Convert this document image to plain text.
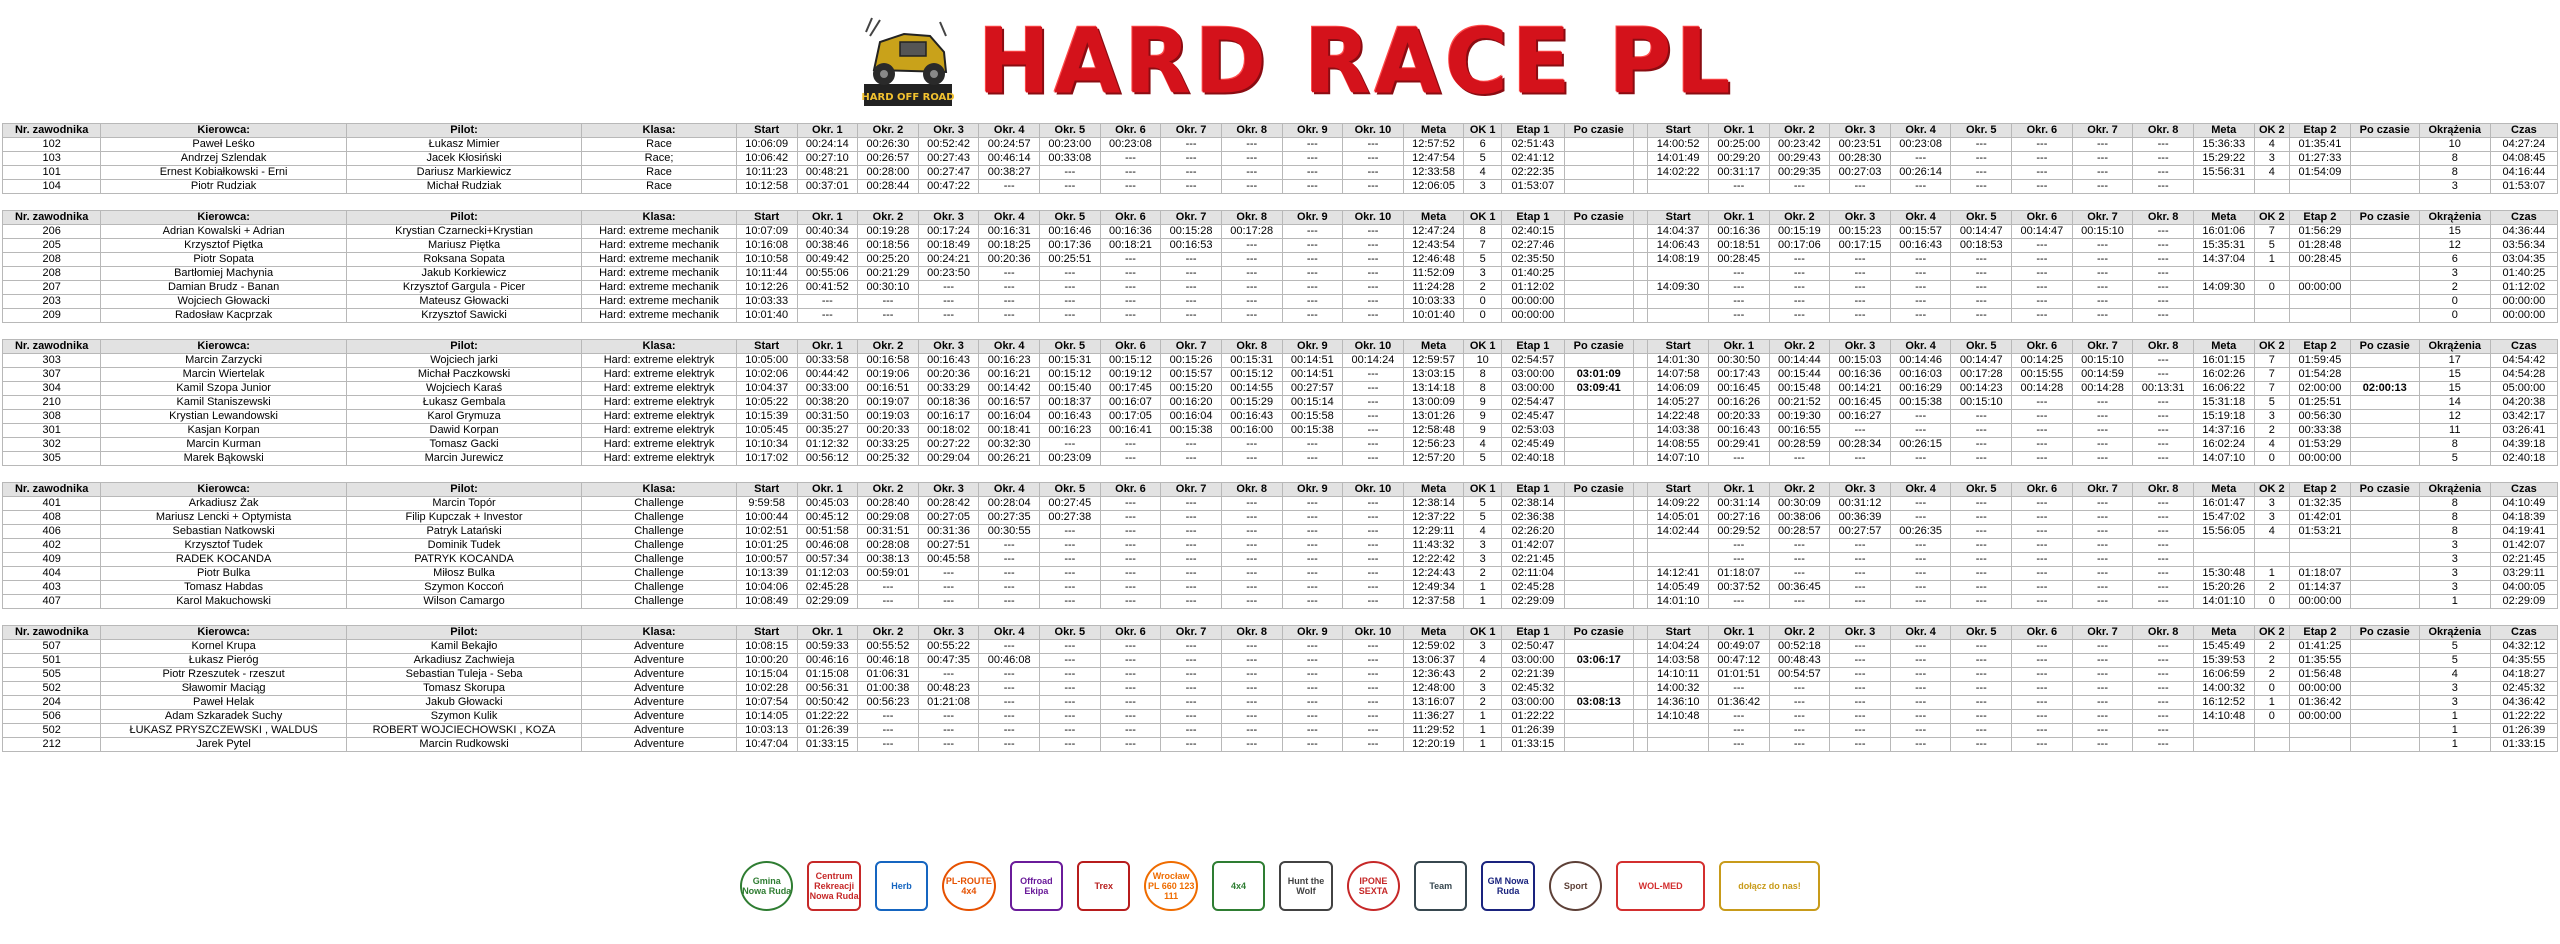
HARD OFF ROAD HARD RACE PL
Nr. zawodnika	Kierowca:	Pilot:	Klasa:	Start	Okr. 1	Okr. 2	Okr. 3	Okr. 4	Okr. 5	Okr. 6	Okr. 7	Okr. 8	Okr. 9	Okr. 10	Meta	OK 1	Etap 1	Po czasie		Start	Okr. 1	Okr. 2	Okr. 3	Okr. 4	Okr. 5	Okr. 6	Okr. 7	Okr. 8	Meta	OK 2	Etap 2	Po czasie	Okrążenia	Czas
102	Paweł Leśko	Łukasz Mimier	Race	10:06:09	00:24:14	00:26:30	00:52:42	00:24:57	00:23:00	00:23:08	---	---	---	---	12:57:52	6	02:51:43			14:00:52	00:25:00	00:23:42	00:23:51	00:23:08	---	---	---	---	15:36:33	4	01:35:41		10	04:27:24
103	Andrzej Szlendak	Jacek Kłosiński	Race;	10:06:42	00:27:10	00:26:57	00:27:43	00:46:14	00:33:08	---	---	---	---	---	12:47:54	5	02:41:12			14:01:49	00:29:20	00:29:43	00:28:30	---	---	---	---	---	15:29:22	3	01:27:33		8	04:08:45
101	Ernest Kobiałkowski - Erni	Dariusz Markiewicz	Race	10:11:23	00:48:21	00:28:00	00:27:47	00:38:27	---	---	---	---	---	---	12:33:58	4	02:22:35			14:02:22	00:31:17	00:29:35	00:27:03	00:26:14	---	---	---	---	15:56:31	4	01:54:09		8	04:16:44
104	Piotr Rudziak	Michał Rudziak	Race	10:12:58	00:37:01	00:28:44	00:47:22	---	---	---	---	---	---	---	12:06:05	3	01:53:07				---	---	---	---	---	---	---	---					3	01:53:07
Nr. zawodnika	Kierowca:	Pilot:	Klasa:	Start	Okr. 1	Okr. 2	Okr. 3	Okr. 4	Okr. 5	Okr. 6	Okr. 7	Okr. 8	Okr. 9	Okr. 10	Meta	OK 1	Etap 1	Po czasie		Start	Okr. 1	Okr. 2	Okr. 3	Okr. 4	Okr. 5	Okr. 6	Okr. 7	Okr. 8	Meta	OK 2	Etap 2	Po czasie	Okrążenia	Czas
206	Adrian Kowalski + Adrian	Krystian Czarnecki+Krystian	Hard: extreme mechanik	10:07:09	00:40:34	00:19:28	00:17:24	00:16:31	00:16:46	00:16:36	00:15:28	00:17:28	---	---	12:47:24	8	02:40:15			14:04:37	00:16:36	00:15:19	00:15:23	00:15:57	00:14:47	00:14:47	00:15:10	---	16:01:06	7	01:56:29		15	04:36:44
205	Krzysztof Piętka	Mariusz Piętka	Hard: extreme mechanik	10:16:08	00:38:46	00:18:56	00:18:49	00:18:25	00:17:36	00:18:21	00:16:53	---	---	---	12:43:54	7	02:27:46			14:06:43	00:18:51	00:17:06	00:17:15	00:16:43	00:18:53	---	---	---	15:35:31	5	01:28:48		12	03:56:34
208	Piotr Sopata	Roksana Sopata	Hard: extreme mechanik	10:10:58	00:49:42	00:25:20	00:24:21	00:20:36	00:25:51	---	---	---	---	---	12:46:48	5	02:35:50			14:08:19	00:28:45	---	---	---	---	---	---	---	14:37:04	1	00:28:45		6	03:04:35
208	Bartłomiej Machynia	Jakub Korkiewicz	Hard: extreme mechanik	10:11:44	00:55:06	00:21:29	00:23:50	---	---	---	---	---	---	---	11:52:09	3	01:40:25				---	---	---	---	---	---	---	---					3	01:40:25
207	Damian Brudz - Banan	Krzysztof Gargula - Picer	Hard: extreme mechanik	10:12:26	00:41:52	00:30:10	---	---	---	---	---	---	---	---	11:24:28	2	01:12:02			14:09:30	---	---	---	---	---	---	---	---	14:09:30	0	00:00:00		2	01:12:02
203	Wojciech Głowacki	Mateusz Głowacki	Hard: extreme mechanik	10:03:33	---	---	---	---	---	---	---	---	---	---	10:03:33	0	00:00:00				---	---	---	---	---	---	---	---					0	00:00:00
209	Radosław Kacprzak	Krzysztof Sawicki	Hard: extreme mechanik	10:01:40	---	---	---	---	---	---	---	---	---	---	10:01:40	0	00:00:00				---	---	---	---	---	---	---	---					0	00:00:00
Nr. zawodnika	Kierowca:	Pilot:	Klasa:	Start	Okr. 1	Okr. 2	Okr. 3	Okr. 4	Okr. 5	Okr. 6	Okr. 7	Okr. 8	Okr. 9	Okr. 10	Meta	OK 1	Etap 1	Po czasie		Start	Okr. 1	Okr. 2	Okr. 3	Okr. 4	Okr. 5	Okr. 6	Okr. 7	Okr. 8	Meta	OK 2	Etap 2	Po czasie	Okrążenia	Czas
303	Marcin Zarzycki	Wojciech jarki	Hard: extreme elektryk	10:05:00	00:33:58	00:16:58	00:16:43	00:16:23	00:15:31	00:15:12	00:15:26	00:15:31	00:14:51	00:14:24	12:59:57	10	02:54:57			14:01:30	00:30:50	00:14:44	00:15:03	00:14:46	00:14:47	00:14:25	00:15:10	---	16:01:15	7	01:59:45		17	04:54:42
307	Marcin Wiertelak	Michał Paczkowski	Hard: extreme elektryk	10:02:06	00:44:42	00:19:06	00:20:36	00:16:21	00:15:12	00:19:12	00:15:57	00:15:12	00:14:51	---	13:03:15	8	03:00:00	03:01:09		14:07:58	00:17:43	00:15:44	00:16:36	00:16:03	00:17:28	00:15:55	00:14:59	---	16:02:26	7	01:54:28		15	04:54:28
304	Kamil Szopa Junior	Wojciech Karaś	Hard: extreme elektryk	10:04:37	00:33:00	00:16:51	00:33:29	00:14:42	00:15:40	00:17:45	00:15:20	00:14:55	00:27:57	---	13:14:18	8	03:00:00	03:09:41		14:06:09	00:16:45	00:15:48	00:14:21	00:16:29	00:14:23	00:14:28	00:14:28	00:13:31	16:06:22	7	02:00:00	02:00:13	15	05:00:00
210	Kamil Staniszewski	Łukasz Gembala	Hard: extreme elektryk	10:05:22	00:38:20	00:19:07	00:18:36	00:16:57	00:18:37	00:16:07	00:16:20	00:15:29	00:15:14	---	13:00:09	9	02:54:47			14:05:27	00:16:26	00:21:52	00:16:45	00:15:38	00:15:10	---	---	---	15:31:18	5	01:25:51		14	04:20:38
308	Krystian Lewandowski	Karol Grymuza	Hard: extreme elektryk	10:15:39	00:31:50	00:19:03	00:16:17	00:16:04	00:16:43	00:17:05	00:16:04	00:16:43	00:15:58	---	13:01:26	9	02:45:47			14:22:48	00:20:33	00:19:30	00:16:27	---	---	---	---	---	15:19:18	3	00:56:30		12	03:42:17
301	Kasjan Korpan	Dawid Korpan	Hard: extreme elektryk	10:05:45	00:35:27	00:20:33	00:18:02	00:18:41	00:16:23	00:16:41	00:15:38	00:16:00	00:15:38	---	12:58:48	9	02:53:03			14:03:38	00:16:43	00:16:55	---	---	---	---	---	---	14:37:16	2	00:33:38		11	03:26:41
302	Marcin Kurman	Tomasz Gacki	Hard: extreme elektryk	10:10:34	01:12:32	00:33:25	00:27:22	00:32:30	---	---	---	---	---	---	12:56:23	4	02:45:49			14:08:55	00:29:41	00:28:59	00:28:34	00:26:15	---	---	---	---	16:02:24	4	01:53:29		8	04:39:18
305	Marek Bąkowski	Marcin Jurewicz	Hard: extreme elektryk	10:17:02	00:56:12	00:25:32	00:29:04	00:26:21	00:23:09	---	---	---	---	---	12:57:20	5	02:40:18			14:07:10	---	---	---	---	---	---	---	---	14:07:10	0	00:00:00		5	02:40:18
Nr. zawodnika	Kierowca:	Pilot:	Klasa:	Start	Okr. 1	Okr. 2	Okr. 3	Okr. 4	Okr. 5	Okr. 6	Okr. 7	Okr. 8	Okr. 9	Okr. 10	Meta	OK 1	Etap 1	Po czasie		Start	Okr. 1	Okr. 2	Okr. 3	Okr. 4	Okr. 5	Okr. 6	Okr. 7	Okr. 8	Meta	OK 2	Etap 2	Po czasie	Okrążenia	Czas
401	Arkadiusz Żak	Marcin Topór	Challenge	9:59:58	00:45:03	00:28:40	00:28:42	00:28:04	00:27:45	---	---	---	---	---	12:38:14	5	02:38:14			14:09:22	00:31:14	00:30:09	00:31:12	---	---	---	---	---	16:01:47	3	01:32:35		8	04:10:49
408	Mariusz Lencki + Optymista	Filip Kupczak + Investor	Challenge	10:00:44	00:45:12	00:29:08	00:27:05	00:27:35	00:27:38	---	---	---	---	---	12:37:22	5	02:36:38			14:05:01	00:27:16	00:38:06	00:36:39	---	---	---	---	---	15:47:02	3	01:42:01		8	04:18:39
406	Sebastian Natkowski	Patryk Latański	Challenge	10:02:51	00:51:58	00:31:51	00:31:36	00:30:55	---	---	---	---	---	---	12:29:11	4	02:26:20			14:02:44	00:29:52	00:28:57	00:27:57	00:26:35	---	---	---	---	15:56:05	4	01:53:21		8	04:19:41
402	Krzysztof Tudek	Dominik Tudek	Challenge	10:01:25	00:46:08	00:28:08	00:27:51	---	---	---	---	---	---	---	11:43:32	3	01:42:07				---	---	---	---	---	---	---	---					3	01:42:07
409	RADEK KOCANDA	PATRYK KOCANDA	Challenge	10:00:57	00:57:34	00:38:13	00:45:58	---	---	---	---	---	---	---	12:22:42	3	02:21:45				---	---	---	---	---	---	---	---					3	02:21:45
404	Piotr Bulka	Miłosz Bulka	Challenge	10:13:39	01:12:03	00:59:01	---	---	---	---	---	---	---	---	12:24:43	2	02:11:04			14:12:41	01:18:07	---	---	---	---	---	---	---	15:30:48	1	01:18:07		3	03:29:11
403	Tomasz Habdas	Szymon Koccoń	Challenge	10:04:06	02:45:28	---	---	---	---	---	---	---	---	---	12:49:34	1	02:45:28			14:05:49	00:37:52	00:36:45	---	---	---	---	---	---	15:20:26	2	01:14:37		3	04:00:05
407	Karol Makuchowski	Wilson Camargo	Challenge	10:08:49	02:29:09	---	---	---	---	---	---	---	---	---	12:37:58	1	02:29:09			14:01:10	---	---	---	---	---	---	---	---	14:01:10	0	00:00:00		1	02:29:09
Nr. zawodnika	Kierowca:	Pilot:	Klasa:	Start	Okr. 1	Okr. 2	Okr. 3	Okr. 4	Okr. 5	Okr. 6	Okr. 7	Okr. 8	Okr. 9	Okr. 10	Meta	OK 1	Etap 1	Po czasie		Start	Okr. 1	Okr. 2	Okr. 3	Okr. 4	Okr. 5	Okr. 6	Okr. 7	Okr. 8	Meta	OK 2	Etap 2	Po czasie	Okrążenia	Czas
507	Kornel Krupa	Kamil Bekajło	Adventure	10:08:15	00:59:33	00:55:52	00:55:22	---	---	---	---	---	---	---	12:59:02	3	02:50:47			14:04:24	00:49:07	00:52:18	---	---	---	---	---	---	15:45:49	2	01:41:25		5	04:32:12
501	Łukasz Pieróg	Arkadiusz Zachwieja	Adventure	10:00:20	00:46:16	00:46:18	00:47:35	00:46:08	---	---	---	---	---	---	13:06:37	4	03:00:00	03:06:17		14:03:58	00:47:12	00:48:43	---	---	---	---	---	---	15:39:53	2	01:35:55		5	04:35:55
505	Piotr Rzeszutek - rzeszut	Sebastian Tuleja - Seba	Adventure	10:15:04	01:15:08	01:06:31	---	---	---	---	---	---	---	---	12:36:43	2	02:21:39			14:10:11	01:01:51	00:54:57	---	---	---	---	---	---	16:06:59	2	01:56:48		4	04:18:27
502	Sławomir Maciąg	Tomasz Skorupa	Adventure	10:02:28	00:56:31	01:00:38	00:48:23	---	---	---	---	---	---	---	12:48:00	3	02:45:32			14:00:32	---	---	---	---	---	---	---	---	14:00:32	0	00:00:00		3	02:45:32
204	Paweł Helak	Jakub Głowacki	Adventure	10:07:54	00:50:42	00:56:23	01:21:08	---	---	---	---	---	---	---	13:16:07	2	03:00:00	03:08:13		14:36:10	01:36:42	---	---	---	---	---	---	---	16:12:52	1	01:36:42		3	04:36:42
506	Adam Szkaradek Suchy	Szymon Kulik	Adventure	10:14:05	01:22:22	---	---	---	---	---	---	---	---	---	11:36:27	1	01:22:22			14:10:48	---	---	---	---	---	---	---	---	14:10:48	0	00:00:00		1	01:22:22
502	ŁUKASZ PRYSZCZEWSKI , WALDUŚ	ROBERT WOJCIECHOWSKI , KOZA	Adventure	10:03:13	01:26:39	---	---	---	---	---	---	---	---	---	11:29:52	1	01:26:39				---	---	---	---	---	---	---	---					1	01:26:39
212	Jarek Pytel	Marcin Rudkowski	Adventure	10:47:04	01:33:15	---	---	---	---	---	---	---	---	---	12:20:19	1	01:33:15				---	---	---	---	---	---	---	---					1	01:33:15
Gmina Nowa Ruda
Centrum Rekreacji Nowa Ruda
Herb	PL-ROUTE 4x4
Offroad Ekipa	Trex
Wrocław PL 660 123 111
4x4	Hunt the Wolf
IPONE SEXTA	Team	GM Nowa Ruda	Sport	WOL-MED	dołącz do nas!
